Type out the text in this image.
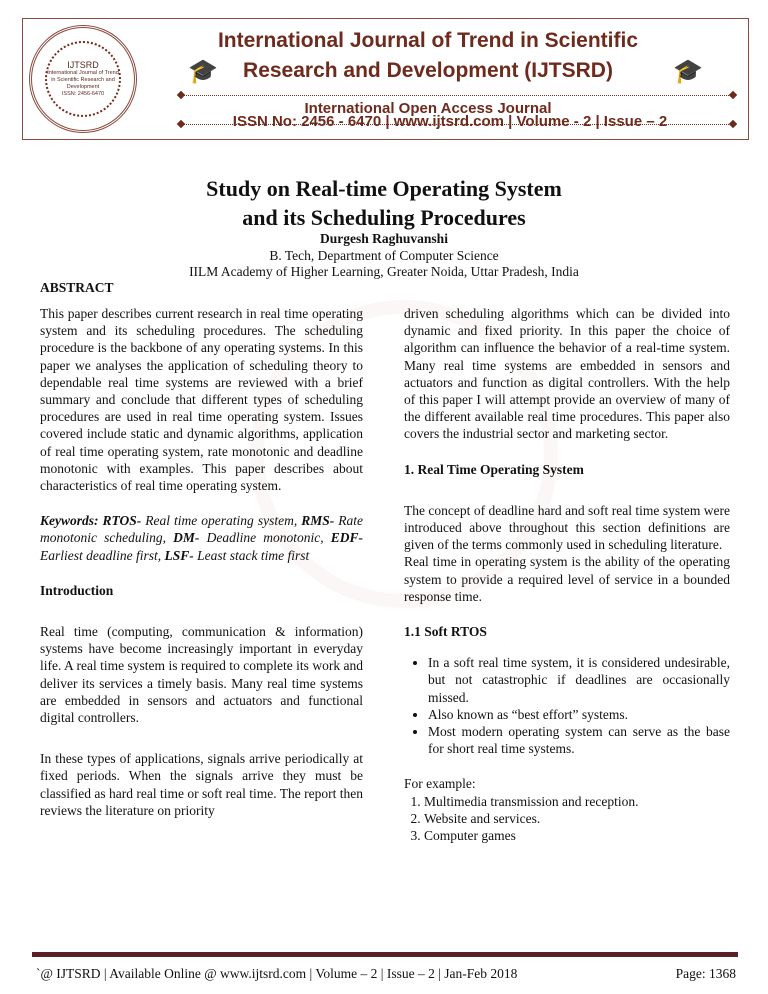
IJTSRD
International Journal of Trend in Scientific Research and Development
ISSN: 2456-6470
🎓	🎓
International Journal of Trend in Scientific
Research and Development (IJTSRD)
International Open Access Journal
ISSN No: 2456 - 6470 | www.ijtsrd.com | Volume - 2 | Issue – 2
Study on Real-time Operating System
and its Scheduling Procedures
Durgesh Raghuvanshi
B. Tech, Department of Computer Science
IILM Academy of Higher Learning, Greater Noida, Uttar Pradesh, India
ABSTRACT

This paper describes current research in real time operating system and its scheduling procedures. The scheduling procedure is the backbone of any operating systems. In this paper we analyses the application of scheduling theory to dependable real time systems are reviewed with a brief summary and conclude that different types of scheduling procedures are used in real time operating system. Issues covered include static and dynamic algorithms, application of real time operating system, rate monotonic and deadline monotonic with examples. This paper describes about characteristics of real time operating system.

Keywords: RTOS- Real time operating system, RMS- Rate monotonic scheduling, DM- Deadline monotonic, EDF- Earliest deadline first, LSF- Least stack time first

Introduction

Real time (computing, communication & information) systems have become increasingly important in everyday life. A real time system is required to complete its work and deliver its services a timely basis. Many real time systems are embedded in sensors and actuators and functional digital controllers.

In these types of applications, signals arrive periodically at fixed periods. When the signals arrive they must be classified as hard real time or soft real time. The report then reviews the literature on priority

driven scheduling algorithms which can be divided into dynamic and fixed priority. In this paper the choice of algorithm can influence the behavior of a real-time system. Many real time systems are embedded in sensors and actuators and function as digital controllers. With the help of this paper I will attempt provide an overview of many of the different available real time procedures. This paper also covers the industrial sector and marketing sector.

1. Real Time Operating System

The concept of deadline hard and soft real time system were introduced above throughout this section definitions are given of the terms commonly used in scheduling literature.

Real time in operating system is the ability of the operating system to provide a required level of service in a bounded response time.

1.1 Soft RTOS

• In a soft real time system, it is considered undesirable, but not catastrophic if deadlines are occasionally missed.
• Also known as “best effort” systems.
• Most modern operating system can serve as the base for short real time systems.

For example:

1. Multimedia transmission and reception.
2. Website and services.
3. Computer games
`@ IJTSRD | Available Online @ www.ijtsrd.com | Volume – 2 | Issue – 2 | Jan-Feb 2018	Page: 1368
